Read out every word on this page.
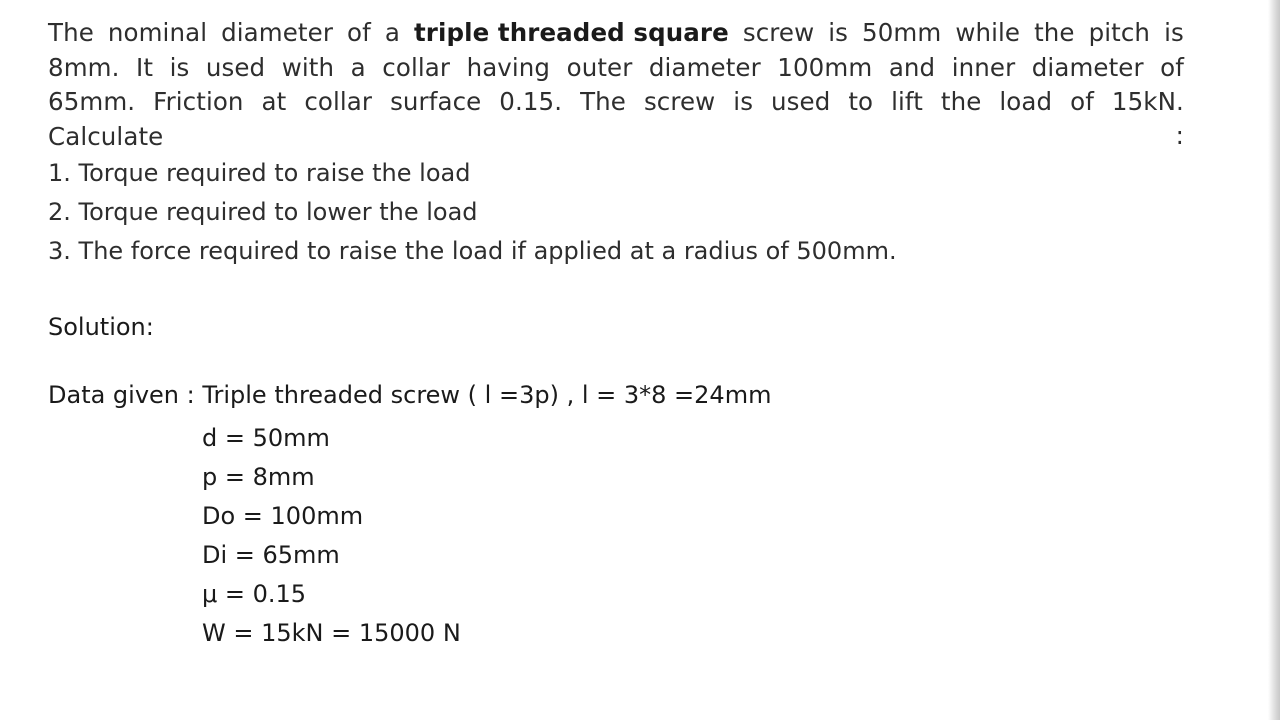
The nominal diameter of a triple threaded square screw is 50mm while the pitch is
8mm. It is used with a collar having outer diameter 100mm and inner diameter of
65mm. Friction at collar surface 0.15. The screw is used to lift the load of 15kN.
Calculate	:
1. Torque required to raise the load
2. Torque required to lower the load
3. The force required to raise the load if applied at a radius of 500mm.
Solution:
Data given : Triple threaded screw ( l =3p) , l = 3*8 =24mm
d = 50mm
p = 8mm
Do = 100mm
Di = 65mm
μ = 0.15
W = 15kN = 15000 N
